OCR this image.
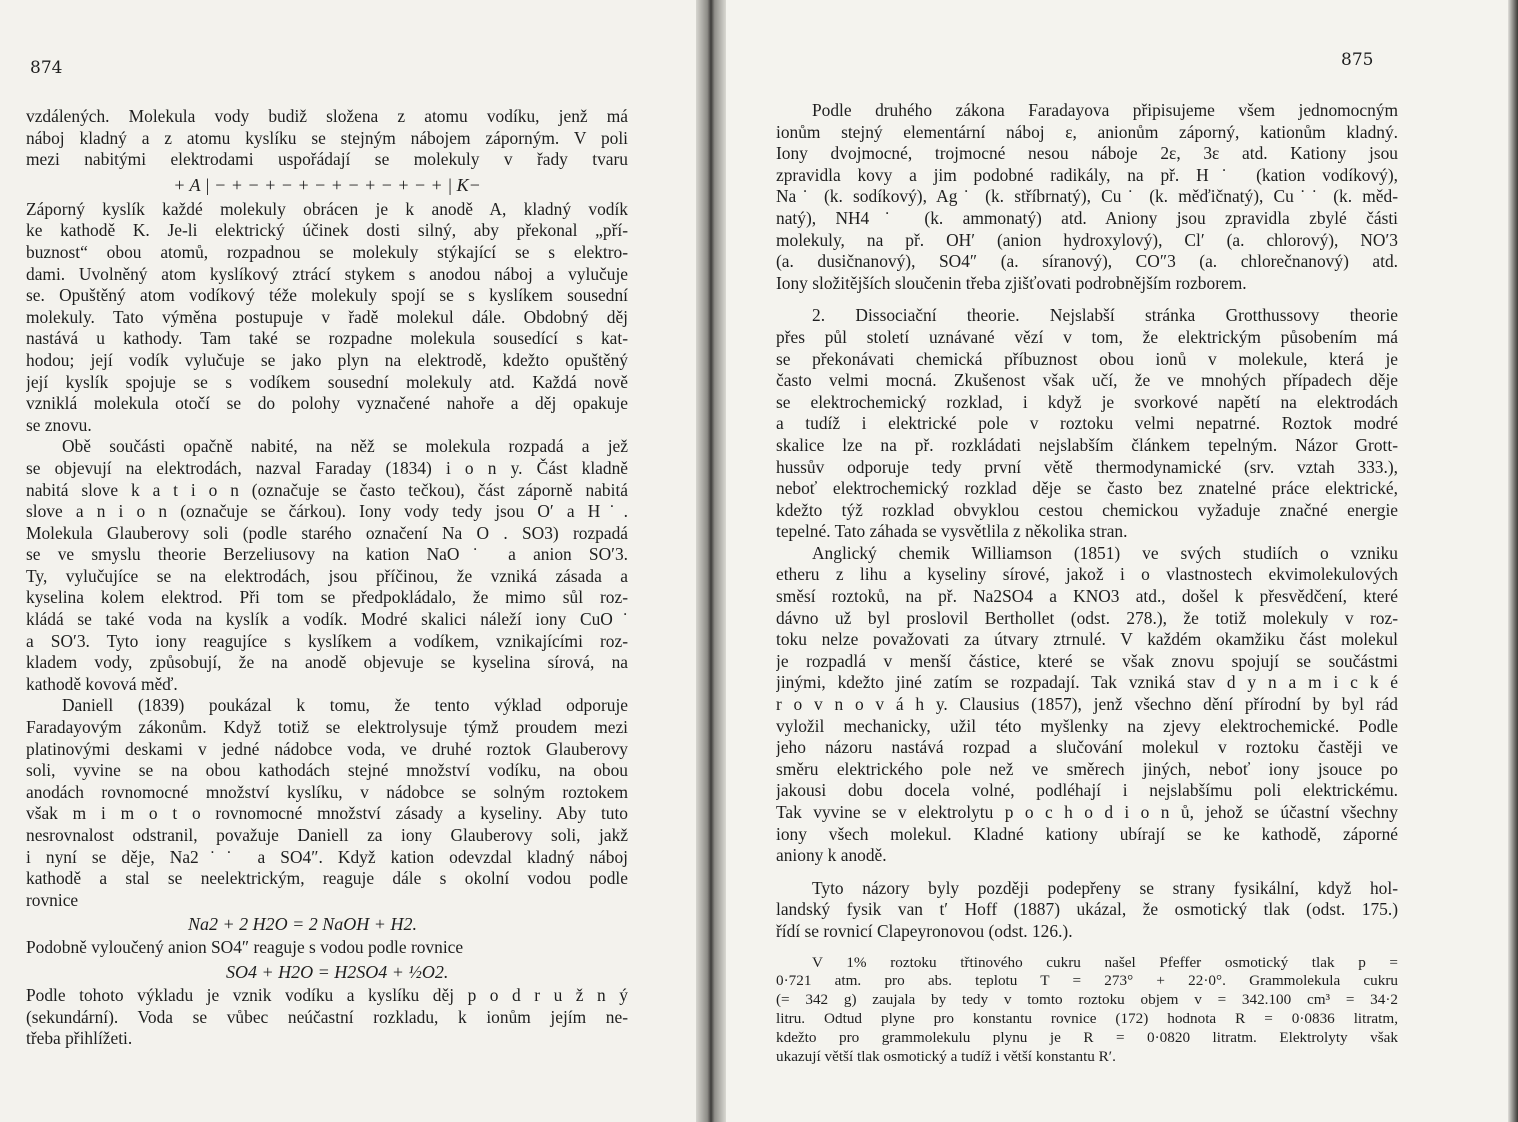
874
vzdálených. Molekula vody budiž složena z atomu vodíku, jenž má
náboj kladný a z atomu kyslíku se stejným nábojem záporným. V poli
mezi nabitými elektrodami uspořádají se molekuly v řady tvaru
+ A | − + − + − + − + − + − + − + | K−
Záporný kyslík každé molekuly obrácen je k anodě A, kladný vodík
ke kathodě K. Je-li elektrický účinek dosti silný, aby překonal „pří-
buznost“ obou atomů, rozpadnou se molekuly stýkající se s elektro-
dami. Uvolněný atom kyslíkový ztrácí stykem s anodou náboj a vylučuje
se. Opuštěný atom vodíkový téže molekuly spojí se s kyslíkem sousední
molekuly. Tato výměna postupuje v řadě molekul dále. Obdobný děj
nastává u kathody. Tam také se rozpadne molekula sousedící s kat-
hodou; její vodík vylučuje se jako plyn na elektrodě, kdežto opuštěný
její kyslík spojuje se s vodíkem sousední molekuly atd. Každá nově
vzniklá molekula otočí se do polohy vyznačené nahoře a děj opakuje
se znovu.
Obě součásti opačně nabité, na něž se molekula rozpadá a jež
se objevují na elektrodách, nazval Faraday (1834) i o n y. Část kladně
nabitá slove k a t i o n (označuje se často tečkou), část záporně nabitá
slove a n i o n (označuje se čárkou). Iony vody tedy jsou O′ a H˙.
Molekula Glauberovy soli (podle starého označení Na O . SO3) rozpadá
se ve smyslu theorie Berzeliusovy na kation NaO˙ a anion SO′3.
Ty, vylučujíce se na elektrodách, jsou příčinou, že vzniká zásada a
kyselina kolem elektrod. Při tom se předpokládalo, že mimo sůl roz-
kládá se také voda na kyslík a vodík. Modré skalici náleží iony CuO˙
a SO′3. Tyto iony reagujíce s kyslíkem a vodíkem, vznikajícími roz-
kladem vody, způsobují, že na anodě objevuje se kyselina sírová, na
kathodě kovová měď.
Daniell (1839) poukázal k tomu, že tento výklad odporuje
Faradayovým zákonům. Když totiž se elektrolysuje týmž proudem mezi
platinovými deskami v jedné nádobce voda, ve druhé roztok Glauberovy
soli, vyvine se na obou kathodách stejné množství vodíku, na obou
anodách rovnomocné množství kyslíku, v nádobce se solným roztokem
však m i m o t o rovnomocné množství zásady a kyseliny. Aby tuto
nesrovnalost odstranil, považuje Daniell za iony Glauberovy soli, jakž
i nyní se děje, Na2˙˙ a SO4″. Když kation odevzdal kladný náboj
kathodě a stal se neelektrickým, reaguje dále s okolní vodou podle
rovnice
Na2 + 2 H2O = 2 NaOH + H2.
Podobně vyloučený anion SO4″ reaguje s vodou podle rovnice
SO4 + H2O = H2SO4 + ½O2.
Podle tohoto výkladu je vznik vodíku a kyslíku děj p o d r u ž n ý
(sekundární). Voda se vůbec neúčastní rozkladu, k ionům jejím ne-
třeba přihlížeti.
875
Podle druhého zákona Faradayova připisujeme všem jednomocným
ionům stejný elementární náboj ε, anionům záporný, kationům kladný.
Iony dvojmocné, trojmocné nesou náboje 2ε, 3ε atd. Kationy jsou
zpravidla kovy a jim podobné radikály, na př. H˙ (kation vodíkový),
Na˙ (k. sodíkový), Ag˙ (k. stříbrnatý), Cu˙ (k. měďičnatý), Cu˙˙ (k. měd-
natý), NH4˙ (k. ammonatý) atd. Aniony jsou zpravidla zbylé části
molekuly, na př. OH′ (anion hydroxylový), Cl′ (a. chlorový), NO′3
(a. dusičnanový), SO4″ (a. síranový), CO″3 (a. chlorečnanový) atd.
Iony složitějších sloučenin třeba zjišťovati podrobnějším rozborem.
2. Dissociační theorie. Nejslabší stránka Grotthussovy theorie
přes půl století uznávané vězí v tom, že elektrickým působením má
se překonávati chemická příbuznost obou ionů v molekule, která je
často velmi mocná. Zkušenost však učí, že ve mnohých případech děje
se elektrochemický rozklad, i když je svorkové napětí na elektrodách
a tudíž i elektrické pole v roztoku velmi nepatrné. Roztok modré
skalice lze na př. rozkládati nejslabším článkem tepelným. Názor Grott-
hussův odporuje tedy první větě thermodynamické (srv. vztah 333.),
neboť elektrochemický rozklad děje se často bez znatelné práce elektrické,
kdežto týž rozklad obvyklou cestou chemickou vyžaduje značné energie
tepelné. Tato záhada se vysvětlila z několika stran.
Anglický chemik Williamson (1851) ve svých studiích o vzniku
etheru z lihu a kyseliny sírové, jakož i o vlastnostech ekvimolekulových
směsí roztoků, na př. Na2SO4 a KNO3 atd., došel k přesvědčení, které
dávno už byl proslovil Berthollet (odst. 278.), že totiž molekuly v roz-
toku nelze považovati za útvary ztrnulé. V každém okamžiku část molekul
je rozpadlá v menší částice, které se však znovu spojují se součástmi
jinými, kdežto jiné zatím se rozpadají. Tak vzniká stav d y n a m i c k é
r o v n o v á h y. Clausius (1857), jenž všechno dění přírodní by byl rád
vyložil mechanicky, užil této myšlenky na zjevy elektrochemické. Podle
jeho názoru nastává rozpad a slučování molekul v roztoku častěji ve
směru elektrického pole než ve směrech jiných, neboť iony jsouce po
jakousi dobu docela volné, podléhají i nejslabšímu poli elektrickému.
Tak vyvine se v elektrolytu p o c h o d i o n ů, jehož se účastní všechny
iony všech molekul. Kladné kationy ubírají se ke kathodě, záporné
aniony k anodě.
Tyto názory byly později podepřeny se strany fysikální, když hol-
landský fysik van t′ Hoff (1887) ukázal, že osmotický tlak (odst. 175.)
řídí se rovnicí Clapeyronovou (odst. 126.).
V 1% roztoku třtinového cukru našel Pfeffer osmotický tlak p =
0·721 atm. pro abs. teplotu T = 273° + 22·0°. Grammolekula cukru
(= 342 g) zaujala by tedy v tomto roztoku objem v = 342.100 cm³ = 34·2
litru. Odtud plyne pro konstantu rovnice (172) hodnota R = 0·0836 litratm,
kdežto pro grammolekulu plynu je R = 0·0820 litratm. Elektrolyty však
ukazují větší tlak osmotický a tudíž i větší konstantu R′.
